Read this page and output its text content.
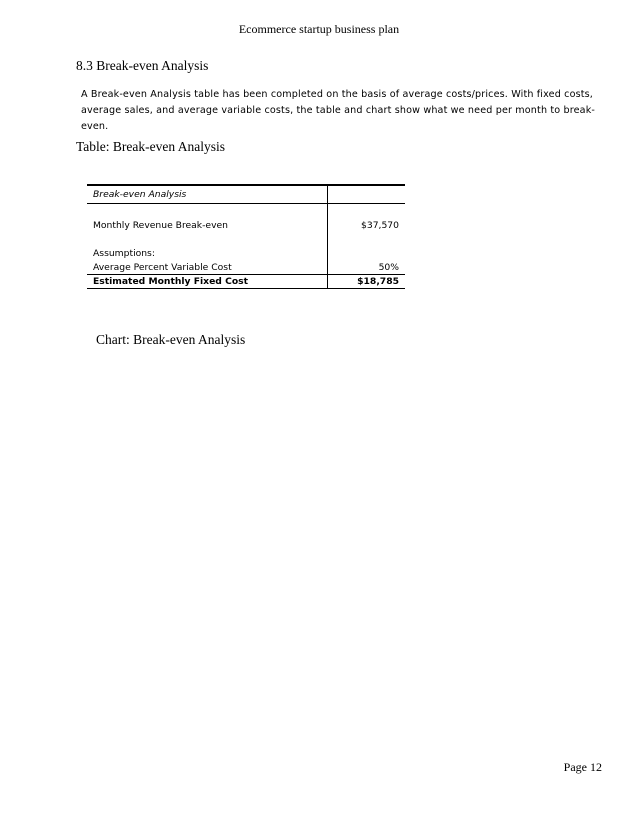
Ecommerce startup business plan
8.3 Break-even Analysis
A Break-even Analysis table has been completed on the basis of average costs/prices. With fixed costs, average sales, and average variable costs, the table and chart show what we need per month to break-even.
Table: Break-even Analysis
Break-even Analysis	

Monthly Revenue Break-even	$37,570

Assumptions:	
Average Percent Variable Cost	50%
Estimated Monthly Fixed Cost	$18,785
Chart: Break-even Analysis
Page 12
